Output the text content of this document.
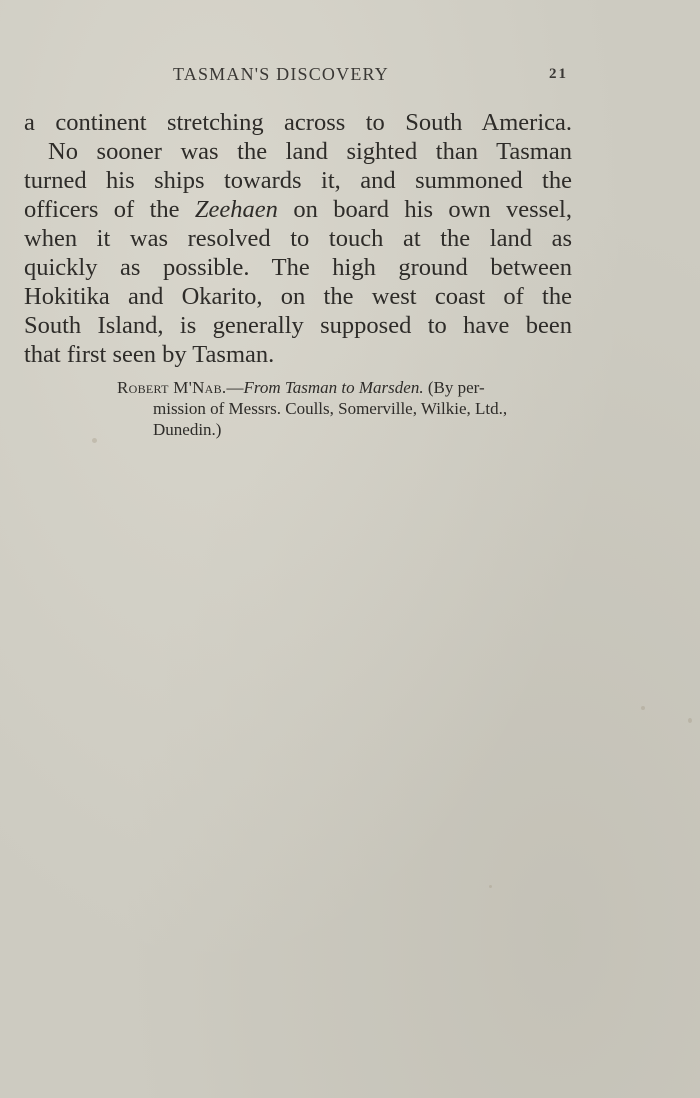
TASMAN'S DISCOVERY	21
a continent stretching across to South America.
No sooner was the land sighted than Tasman
turned his ships towards it, and summoned the
officers of the Zeehaen on board his own vessel,
when it was resolved to touch at the land as
quickly as possible. The high ground between
Hokitika and Okarito, on the west coast of the
South Island, is generally supposed to have been
that first seen by Tasman.
Robert M'Nab.—From Tasman to Marsden. (By per-
mission of Messrs. Coulls, Somerville, Wilkie, Ltd.,
Dunedin.)
